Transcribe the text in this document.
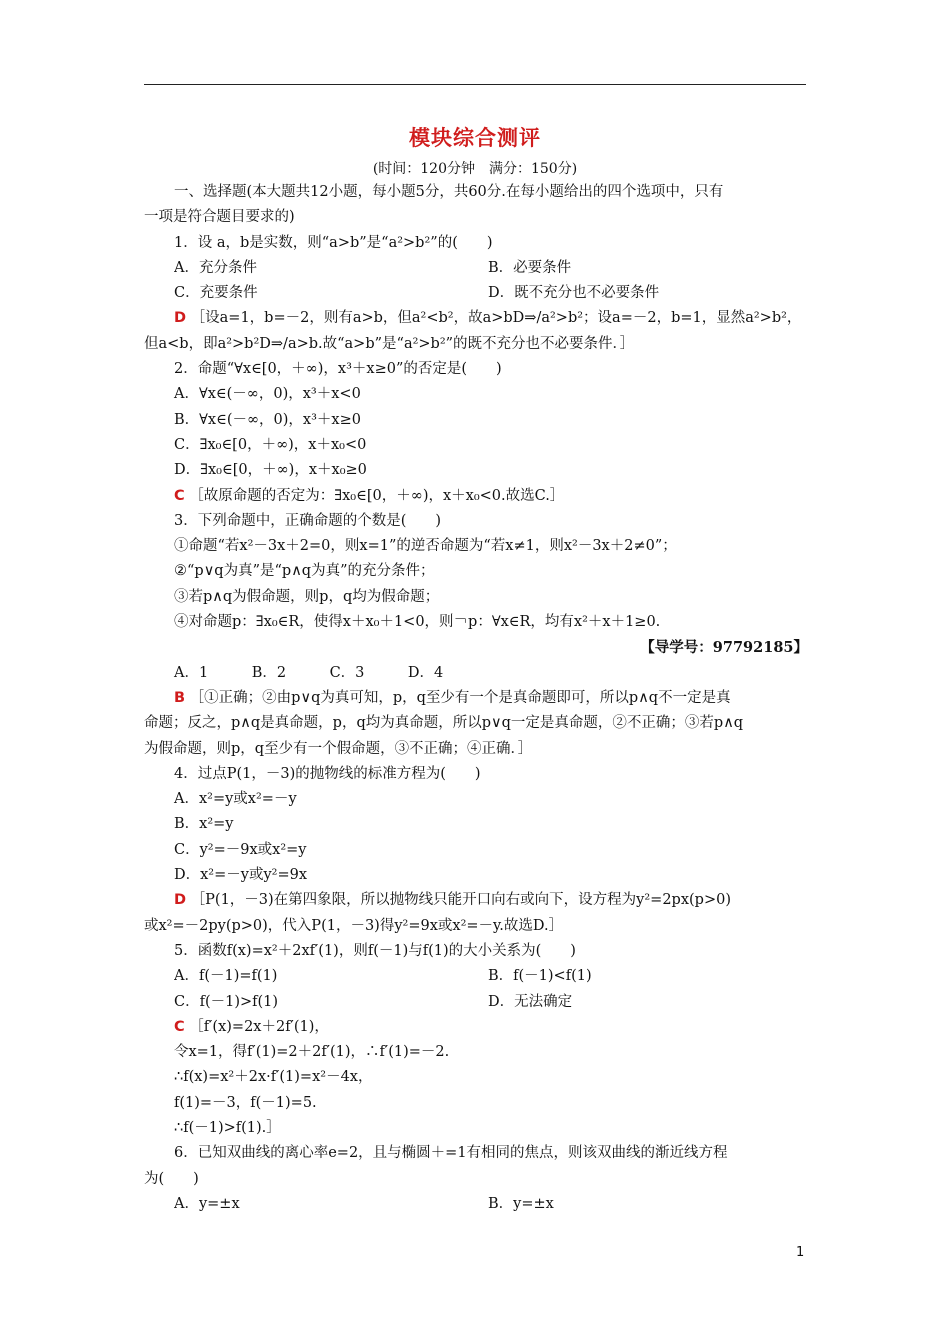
模块综合测评
(时间：120分钟　满分：150分)
一、选择题(本大题共12小题，每小题5分，共60分.在每小题给出的四个选项中，只有
一项是符合题目要求的)
1．设 a，b是实数，则“a>b”是“a²>b²”的(　　)
A．充分条件	B．必要条件
C．充要条件	D．既不充分也不必要条件
D ［设a=1，b=－2，则有a>b，但a²<b²，故a>bD⇒/a²>b²；设a=－2，b=1，显然a²>b²，
但a<b，即a²>b²D⇒/a>b.故“a>b”是“a²>b²”的既不充分也不必要条件．］
2．命题“∀x∈[0，＋∞)，x³＋x≥0”的否定是(　　)
A．∀x∈(－∞，0)，x³＋x<0
B．∀x∈(－∞，0)，x³＋x≥0
C．∃x₀∈[0，＋∞)，x＋x₀<0
D．∃x₀∈[0，＋∞)，x＋x₀≥0
C ［故原命题的否定为：∃x₀∈[0，＋∞)，x＋x₀<0.故选C.］
3．下列命题中，正确命题的个数是(　　)
①命题“若x²－3x＋2=0，则x=1”的逆否命题为“若x≠1，则x²－3x＋2≠0”；
②“p∨q为真”是“p∧q为真”的充分条件；
③若p∧q为假命题，则p，q均为假命题；
④对命题p：∃x₀∈R，使得x＋x₀＋1<0，则￢p：∀x∈R，均有x²＋x＋1≥0.
【导学号：97792185】
A．1　　　B．2　　　C．3　　　D．4
B ［①正确；②由p∨q为真可知，p，q至少有一个是真命题即可，所以p∧q不一定是真
命题；反之，p∧q是真命题，p，q均为真命题，所以p∨q一定是真命题，②不正确；③若p∧q
为假命题，则p，q至少有一个假命题，③不正确；④正确．］
4．过点P(1，－3)的抛物线的标准方程为(　　)
A．x²=y或x²=－y
B．x²=y
C．y²=－9x或x²=y
D．x²=－y或y²=9x
D ［P(1，－3)在第四象限，所以抛物线只能开口向右或向下，设方程为y²=2px(p>0)
或x²=－2py(p>0)，代入P(1，－3)得y²=9x或x²=－y.故选D.］
5．函数f(x)=x²＋2xf′(1)，则f(－1)与f(1)的大小关系为(　　)
A．f(－1)=f(1)	B．f(－1)<f(1)
C．f(－1)>f(1)	D．无法确定
C ［f′(x)=2x＋2f′(1)，
令x=1，得f′(1)=2＋2f′(1)，∴f′(1)=－2.
∴f(x)=x²＋2x·f′(1)=x²－4x，
f(1)=－3，f(－1)=5.
∴f(－1)>f(1).］
6．已知双曲线的离心率e=2，且与椭圆＋=1有相同的焦点，则该双曲线的渐近线方程
为(　　)
A．y=±x	B．y=±x
1
